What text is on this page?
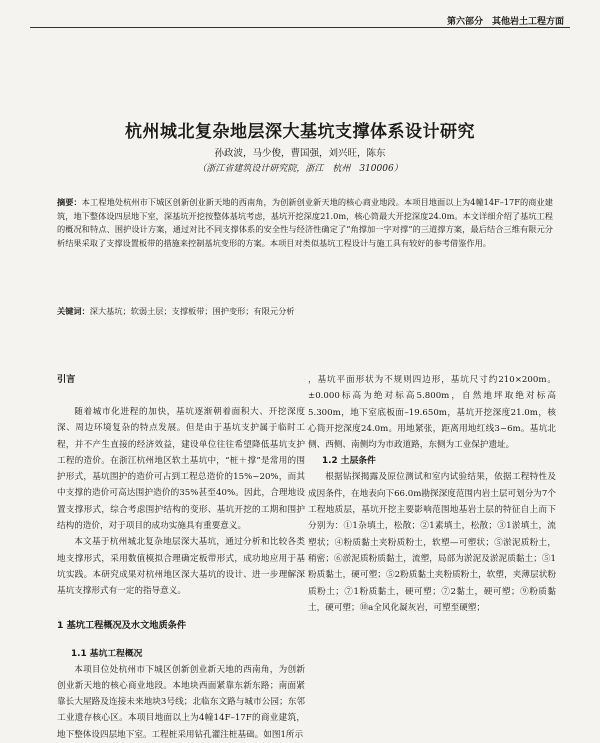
第六部分　其他岩土工程方面
杭州城北复杂地层深大基坑支撑体系设计研究
孙政波，马少俊，曹国强，刘兴旺，陈东
（浙江省建筑设计研究院，浙江　杭州　310006）
摘要：本工程地处杭州市下城区创新创业新天地的西南角，为创新创业新天地的核心商业地段。本项目地面以上为4幢14F–17F的商业建筑，地下整体设四层地下室，深基坑开挖按整体基坑考虑，基坑开挖深度21.0m，核心筒最大开挖深度24.0m。本文详细介绍了基坑工程的概况和特点、围护设计方案，通过对比不同支撑体系的安全性与经济性确定了“角撑加一字对撑”的三道撑方案，最后结合三维有限元分析结果采取了支撑设置板带的措施来控制基坑变形的方案。本项目对类似基坑工程设计与施工具有较好的参考借鉴作用。
关键词：深大基坑；软弱土层；支撑板带；围护变形；有限元分析
引言

随着城市化进程的加快，基坑逐渐朝着面积大、开挖深度深、周边环境复杂的特点发展。但是由于基坑支护属于临时工程，并不产生直接的经济效益，建设单位往往希望降低基坑支护工程的造价。在浙江杭州地区软土基坑中，“桩＋撑”是常用的围护形式，基坑围护的造价可占到工程总造价的15%~20%，而其中支撑的造价可高达围护造价的35%甚至40%。因此，合理地设置支撑形式，综合考虑围护结构的变形、基坑开挖的工期和围护结构的造价，对于项目的成功实施具有重要意义。

本文基于杭州城北复杂地层深大基坑，通过分析和比较各类地支撑形式，采用数值模拟合理确定板带形式，成功地应用于基坑实践。本研究成果对杭州地区深大基坑的设计、进一步理解深基坑支撑形式有一定的指导意义。

1 基坑工程概况及水文地质条件
1.1 基坑工程概况

本项目位处杭州市下城区创新创业新天地的西南角，为创新创业新天地的核心商业地段。本地块西面紧靠东新东路；南面紧靠长大屋路及连接未来地块3号线；北临东文路与城市公园；东邻工业遗存核心区。本项目地面以上为4幢14F–17F的商业建筑，地下整体设四层地下室。工程桩采用钻孔灌注桩基础。如图1所示

，基坑平面形状为不规则四边形，基坑尺寸约210×200m。±0.000标高为绝对标高5.800m，自然地坪取绝对标高5.300m，地下室底板面–19.650m，基坑开挖深度21.0m，核心筒开挖深度24.0m。用地紧张，距离用地红线3~6m。基坑北侧、西侧、南侧均为市政道路，东侧为工业保护遗址。

1.2 土层条件

根据钻探揭露及原位测试和室内试验结果，依据工程特性及成因条件，在地表向下66.0m勘探深度范围内岩土层可划分为7个工程地质层，基坑开挖主要影响范围地基岩土层的特征自上而下分别为：①1杂填土，松散；②1素填土，松散；③1淤填土，流塑状；④粉质黏土夹粉质粉土，软塑—可塑状；⑤淤泥质粉土，稍密；⑥淤泥质粉质黏土，流塑，局部为淤泥及淤泥质黏土；⑤1粉质黏土，硬可塑；⑤2粉质黏土夹粉质粉土，软塑，夹薄层状粉质粉土；⑦1粉质黏土，硬可塑；⑦2黏土，硬可塑；⑨粉质黏土，硬可塑；⑩a全风化凝灰岩，可塑至硬塑；
